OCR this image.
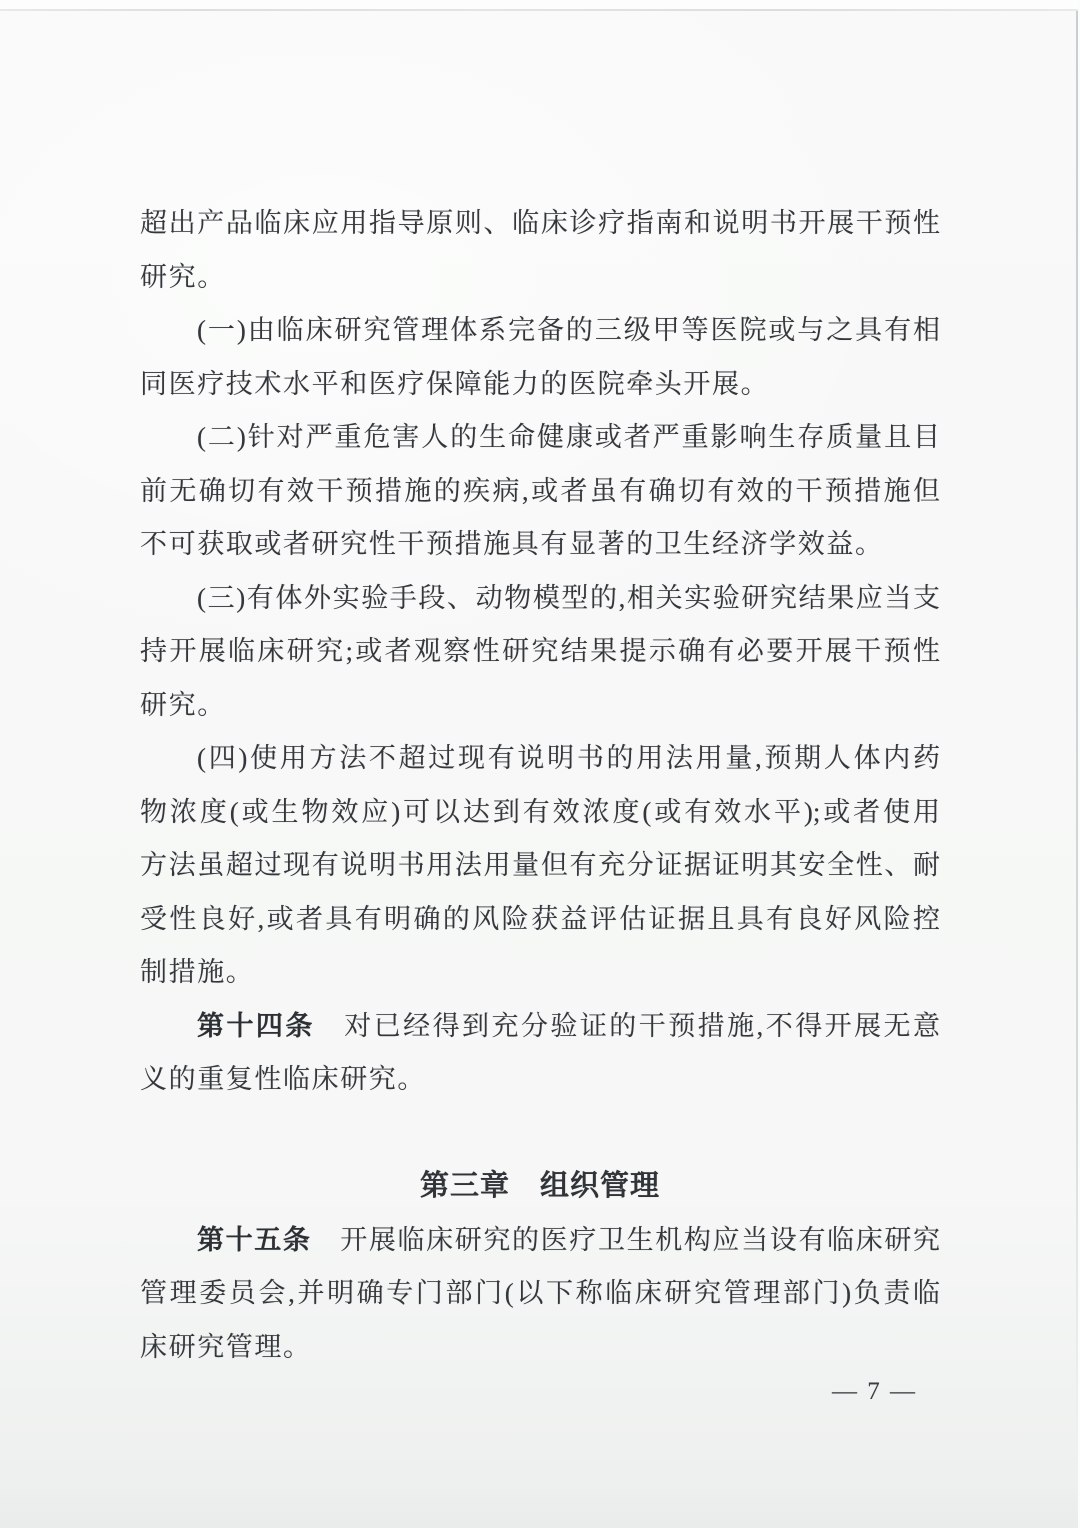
超出产品临床应用指导原则、临床诊疗指南和说明书开展干预性
研究。
(一)由临床研究管理体系完备的三级甲等医院或与之具有相
同医疗技术水平和医疗保障能力的医院牵头开展。
(二)针对严重危害人的生命健康或者严重影响生存质量且目
前无确切有效干预措施的疾病,或者虽有确切有效的干预措施但
不可获取或者研究性干预措施具有显著的卫生经济学效益。
(三)有体外实验手段、动物模型的,相关实验研究结果应当支
持开展临床研究;或者观察性研究结果提示确有必要开展干预性
研究。
(四)使用方法不超过现有说明书的用法用量,预期人体内药
物浓度(或生物效应)可以达到有效浓度(或有效水平);或者使用
方法虽超过现有说明书用法用量但有充分证据证明其安全性、耐
受性良好,或者具有明确的风险获益评估证据且具有良好风险控
制措施。
第十四条　对已经得到充分验证的干预措施,不得开展无意
义的重复性临床研究。
第三章　组织管理
第十五条　开展临床研究的医疗卫生机构应当设有临床研究
管理委员会,并明确专门部门(以下称临床研究管理部门)负责临
床研究管理。
— 7 —
